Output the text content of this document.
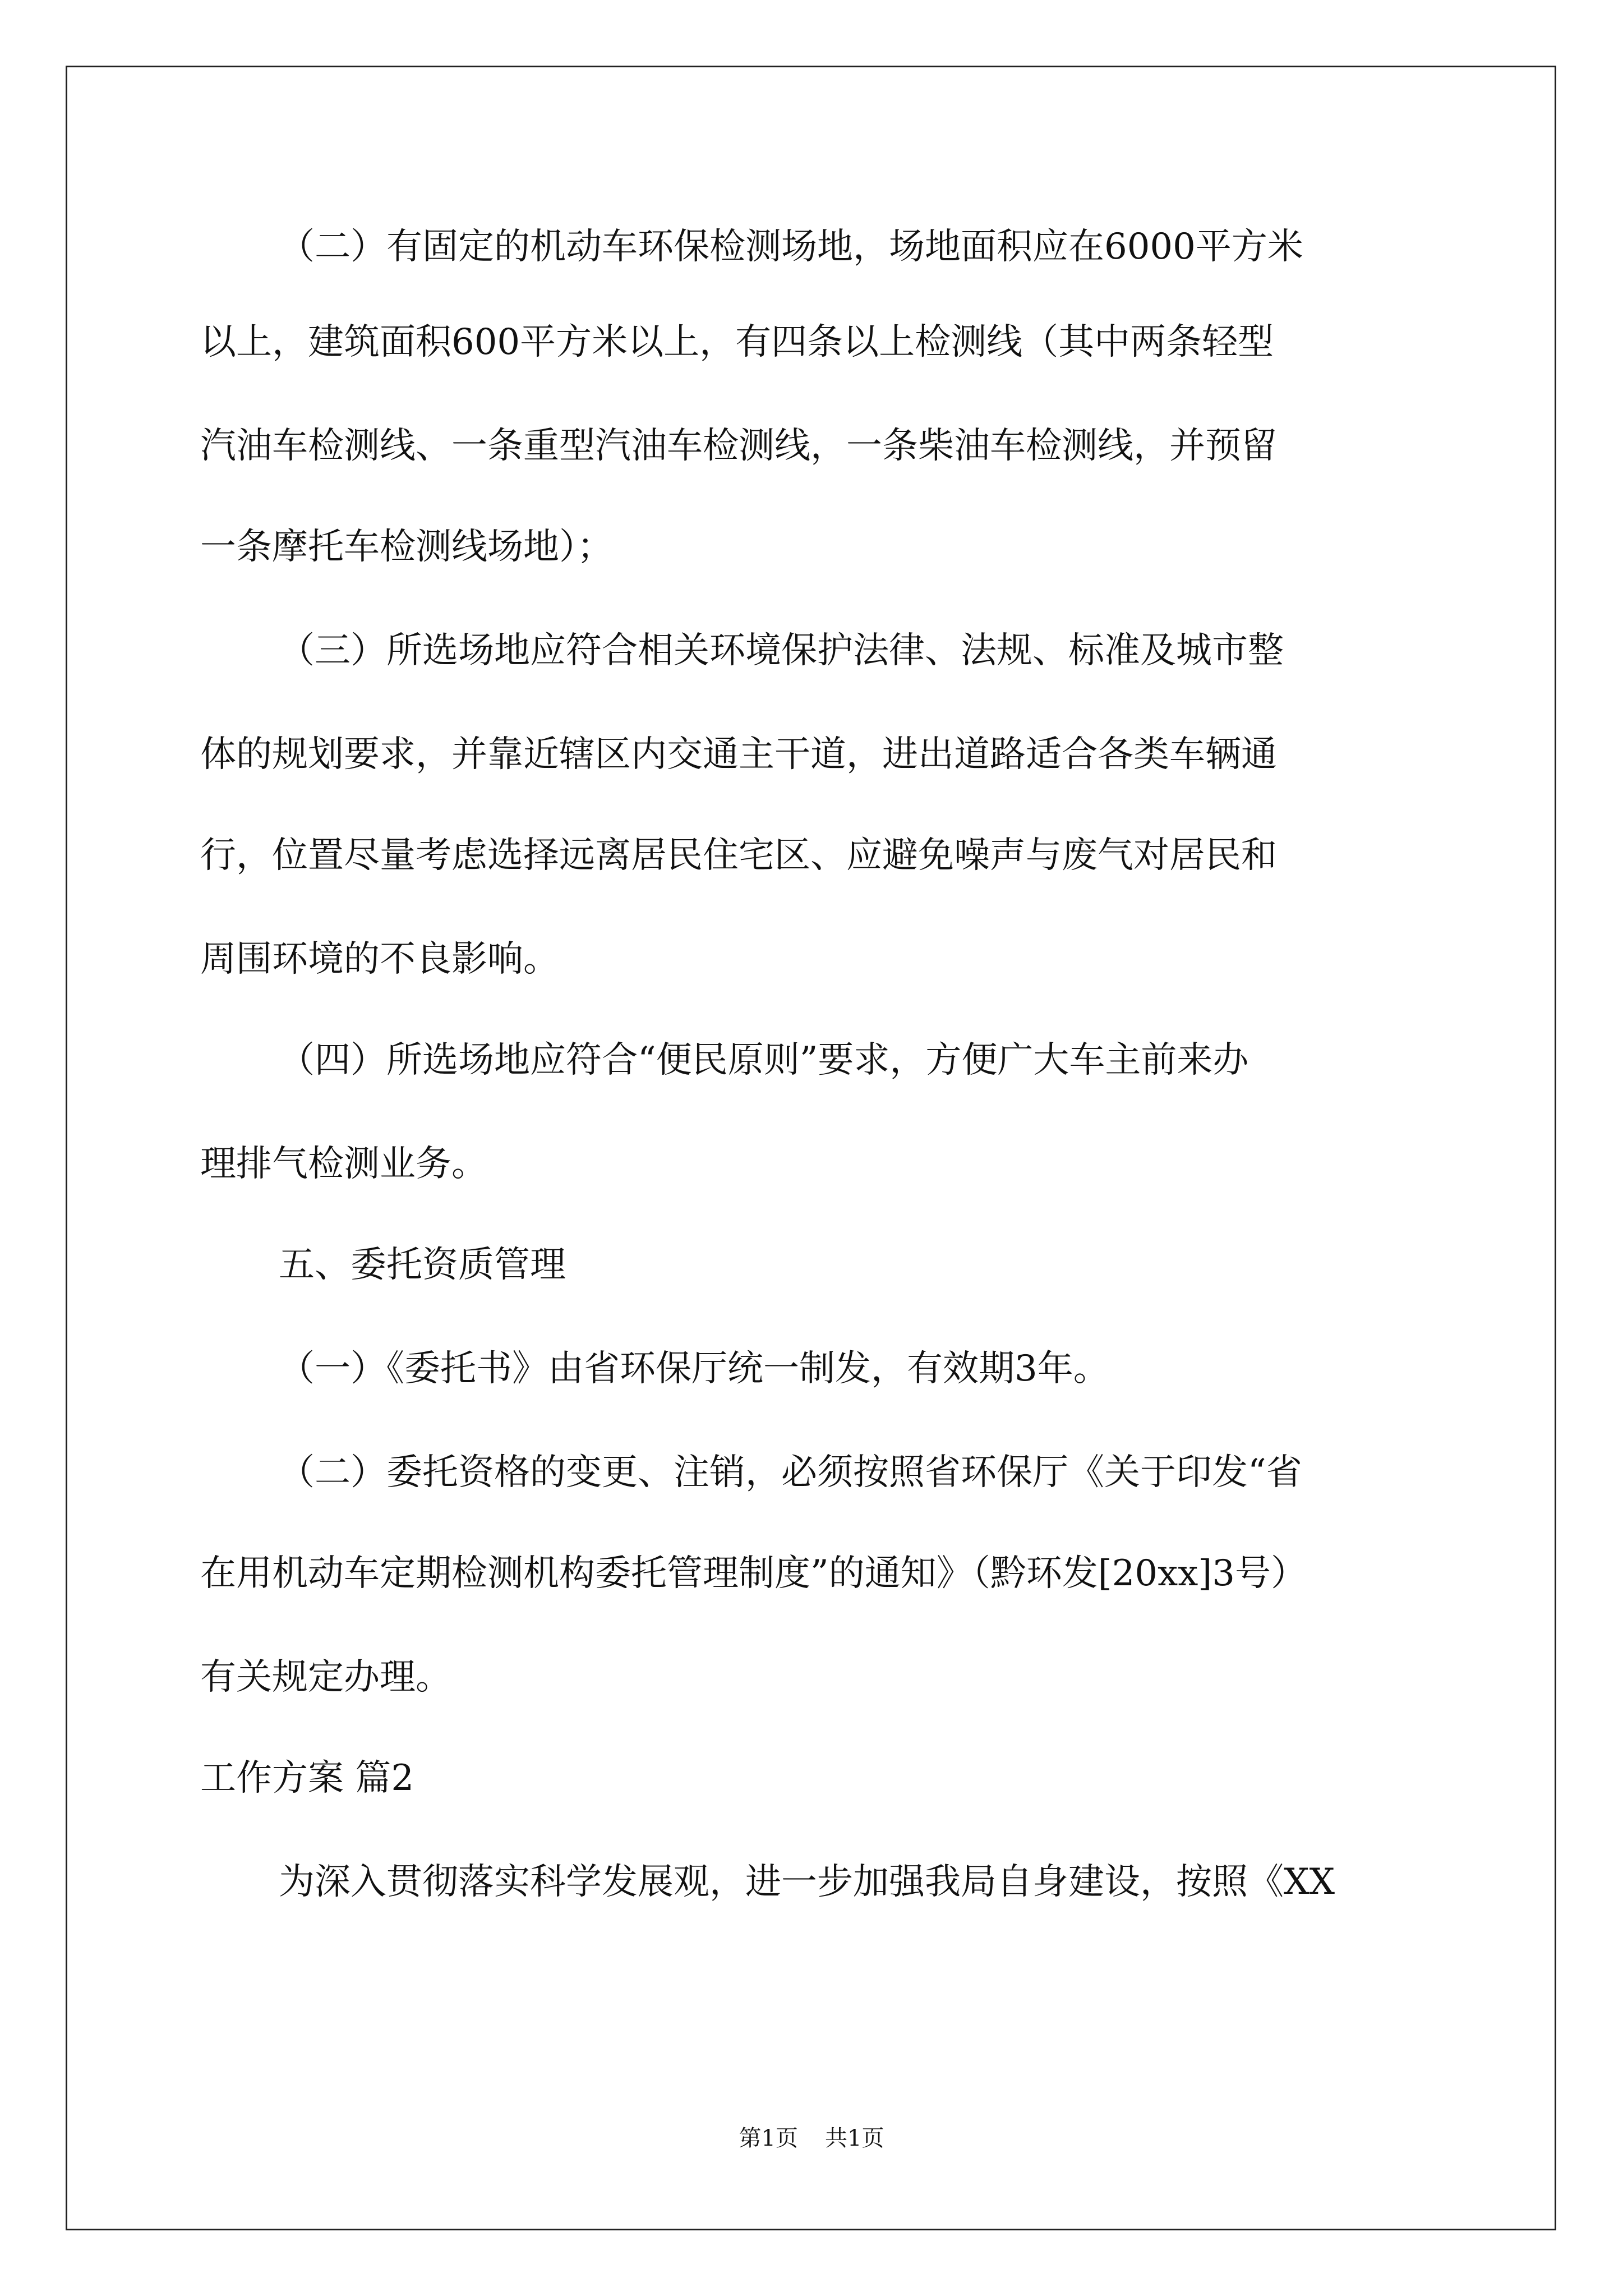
（二）有固定的机动车环保检测场地，场地面积应在6000平方米
以上，建筑面积600平方米以上，有四条以上检测线（其中两条轻型
汽油车检测线、一条重型汽油车检测线，一条柴油车检测线，并预留
一条摩托车检测线场地）；
（三）所选场地应符合相关环境保护法律、法规、标准及城市整
体的规划要求，并靠近辖区内交通主干道，进出道路适合各类车辆通
行，位置尽量考虑选择远离居民住宅区、应避免噪声与废气对居民和
周围环境的不良影响。
（四）所选场地应符合“便民原则”要求，方便广大车主前来办
理排气检测业务。
五、委托资质管理
（一）《委托书》由省环保厅统一制发，有效期3年。
（二）委托资格的变更、注销，必须按照省环保厅《关于印发“省
在用机动车定期检测机构委托管理制度”的通知》（黔环发[20xx]3号）
有关规定办理。
工作方案 篇2
为深入贯彻落实科学发展观，进一步加强我局自身建设，按照《XX
第1页 共1页
